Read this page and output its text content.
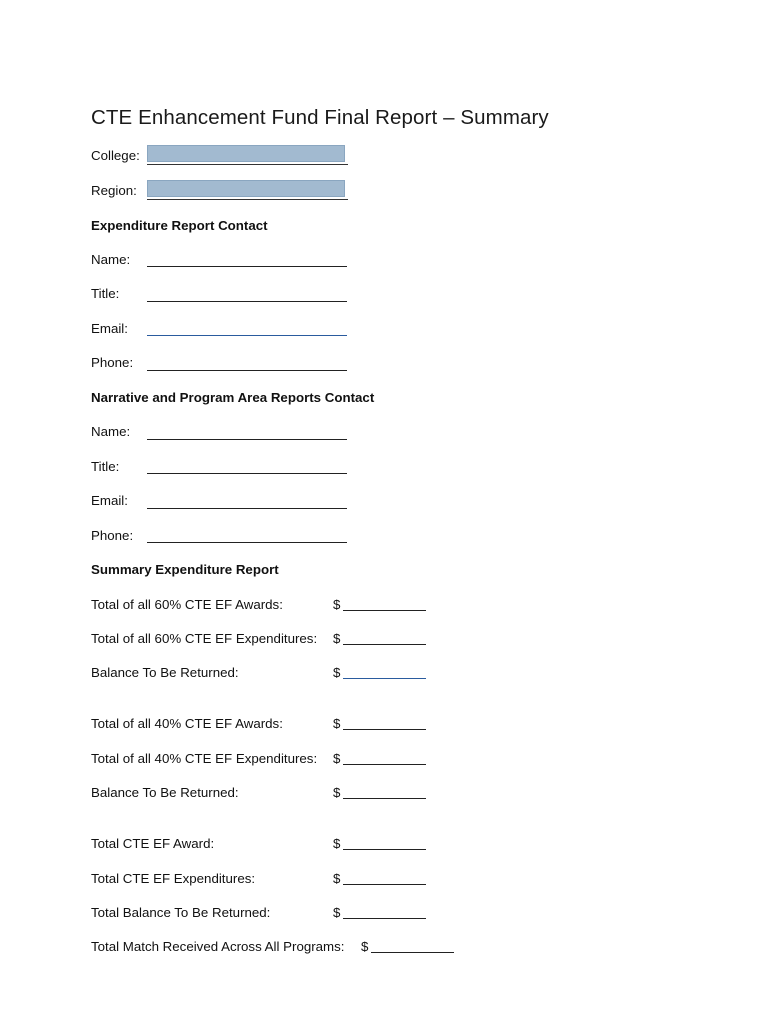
CTE Enhancement Fund Final Report – Summary
College:
Region:
Expenditure Report Contact
Name:
Title:
Email:
Phone:
Narrative and Program Area Reports Contact
Name:
Title:
Email:
Phone:
Summary Expenditure Report
Total of all 60% CTE EF Awards:	$
Total of all 60% CTE EF Expenditures: $
Balance To Be Returned:	$
Total of all 40% CTE EF Awards:	$
Total of all 40% CTE EF Expenditures: $
Balance To Be Returned:	$
Total CTE EF Award:	$
Total CTE EF Expenditures:	$
Total Balance To Be Returned:	$
Total Match Received Across All Programs: $
